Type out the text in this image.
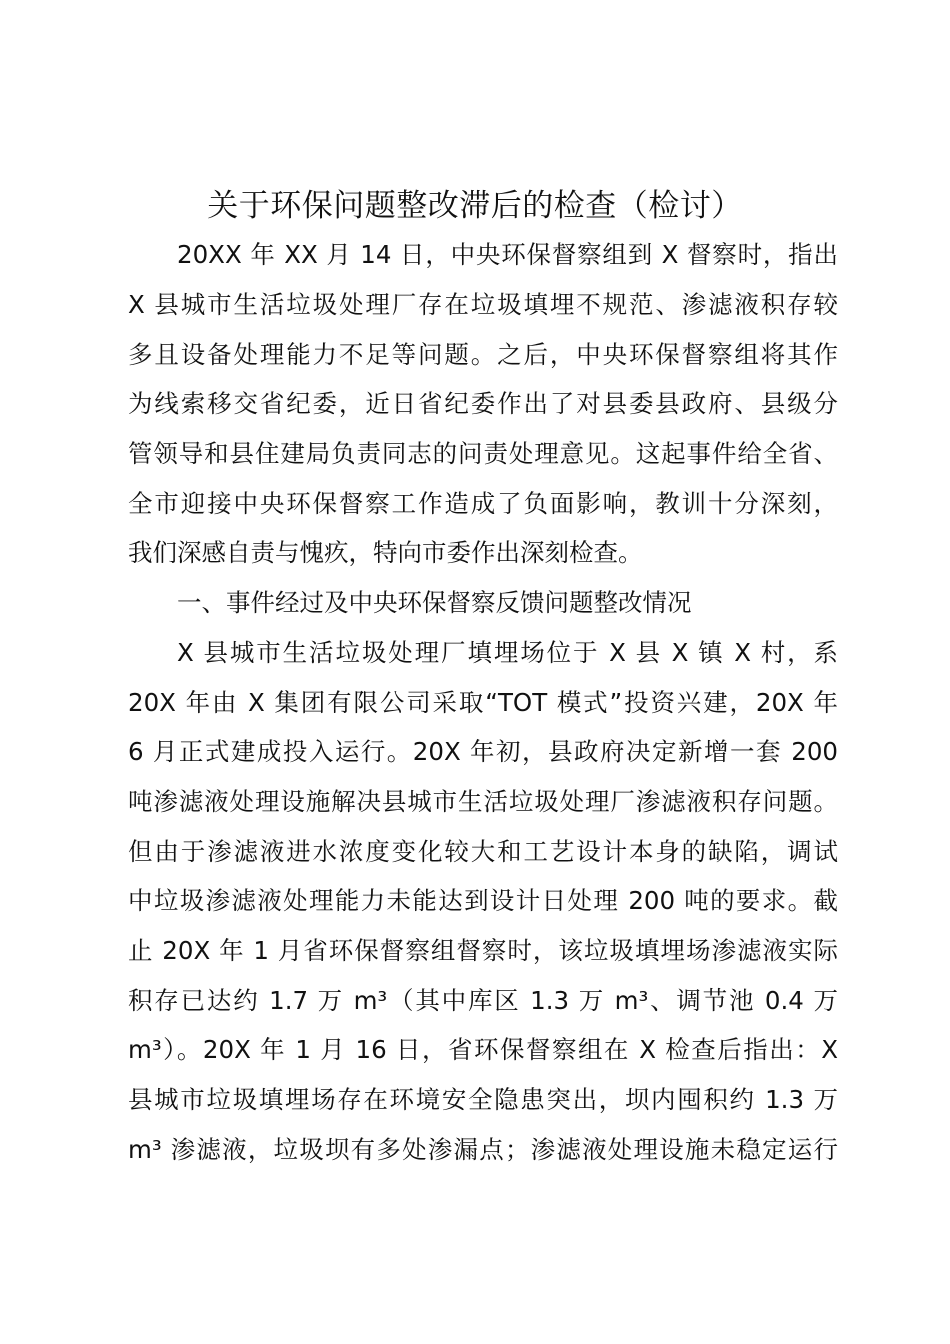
关于环保问题整改滞后的检查（检讨）

20XX 年 XX 月 14 日，中央环保督察组到 X 督察时，指出

X 县城市生活垃圾处理厂存在垃圾填埋不规范、渗滤液积存较

多且设备处理能力不足等问题。之后，中央环保督察组将其作

为线索移交省纪委，近日省纪委作出了对县委县政府、县级分

管领导和县住建局负责同志的问责处理意见。这起事件给全省、

全市迎接中央环保督察工作造成了负面影响，教训十分深刻，

我们深感自责与愧疚，特向市委作出深刻检查。

一、事件经过及中央环保督察反馈问题整改情况

X 县城市生活垃圾处理厂填埋场位于 X 县 X 镇 X 村，系

20X 年由 X 集团有限公司采取“TOT 模式”投资兴建，20X 年

6 月正式建成投入运行。20X 年初，县政府决定新增一套 200

吨渗滤液处理设施解决县城市生活垃圾处理厂渗滤液积存问题。

但由于渗滤液进水浓度变化较大和工艺设计本身的缺陷，调试

中垃圾渗滤液处理能力未能达到设计日处理 200 吨的要求。截

止 20X 年 1 月省环保督察组督察时，该垃圾填埋场渗滤液实际

积存已达约 1.7 万 m³（其中库区 1.3 万 m³、调节池 0.4 万

m³）。20X 年 1 月 16 日，省环保督察组在 X 检查后指出：X

县城市垃圾填埋场存在环境安全隐患突出，坝内囤积约 1.3 万

m³ 渗滤液，垃圾坝有多处渗漏点；渗滤液处理设施未稳定运行
